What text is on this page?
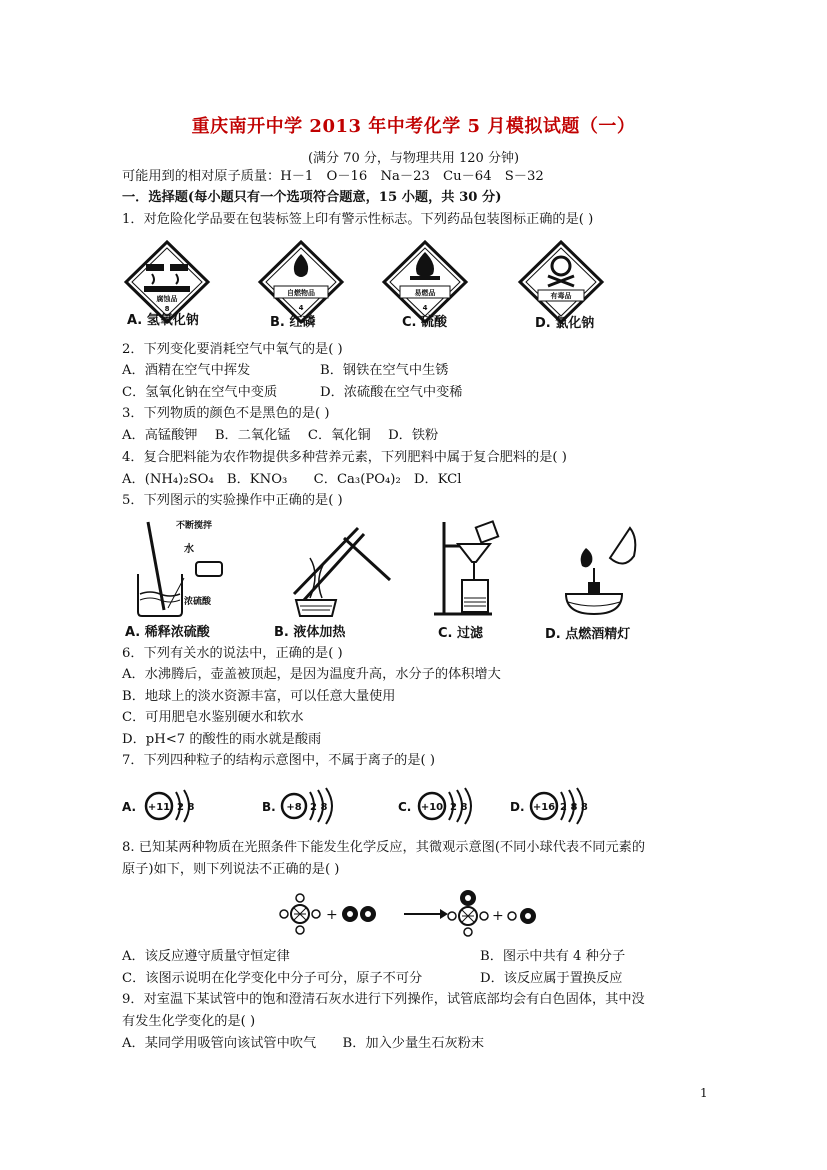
重庆南开中学 2013 年中考化学 5 月模拟试题（一）
(满分 70 分，与物理共用 120 分钟)
可能用到的相对原子质量：H－1　O－16　Na－23　Cu－64　S－32
一．选择题(每小题只有一个选项符合题意，15 小题，共 30 分)
1．对危险化学品要在包装标签上印有警示性标志。下列药品包装图标正确的是( )
腐蚀品
8
自燃物品
4
易燃品
4
有毒品
A. 氢氧化钠	B. 红磷	C. 硫酸	D. 氯化钠
2．下列变化要消耗空气中氧气的是( )
A．酒精在空气中挥发	B．钢铁在空气中生锈
C．氢氧化钠在空气中变质	D．浓硫酸在空气中变稀
3．下列物质的颜色不是黑色的是( )
A．高锰酸钾　 B．二氧化锰　 C．氧化铜　 D．铁粉
4．复合肥料能为农作物提供多种营养元素，下列肥料中属于复合肥料的是( )
A．(NH₄)₂SO₄　B．KNO₃　　C．Ca₃(PO₄)₂　D．KCl
5．下列图示的实验操作中正确的是( )
不断搅拌
水
浓硫酸
A. 稀释浓硫酸	B. 液体加热	C. 过滤	D. 点燃酒精灯
6．下列有关水的说法中，正确的是( )
A．水沸腾后，壶盖被顶起，是因为温度升高，水分子的体积增大
B．地球上的淡水资源丰富，可以任意大量使用
C．可用肥皂水鉴别硬水和软水
D．pH<7 的酸性的雨水就是酸雨
7．下列四种粒子的结构示意图中，不属于离子的是( )
A. +11 2 8	B. +8 2 8	C. +10 2 8	D. +16 2 8 8
8. 已知某两种物质在光照条件下能发生化学反应，其微观示意图(不同小球代表不同元素的
原子)如下，则下列说法不正确的是( )
+	+
A．该反应遵守质量守恒定律	B．图示中共有 4 种分子
C．该图示说明在化学变化中分子可分，原子不可分	D．该反应属于置换反应
9．对室温下某试管中的饱和澄清石灰水进行下列操作，试管底部均会有白色固体，其中没
有发生化学变化的是( )
A．某同学用吸管向该试管中吹气　　B．加入少量生石灰粉末
1
